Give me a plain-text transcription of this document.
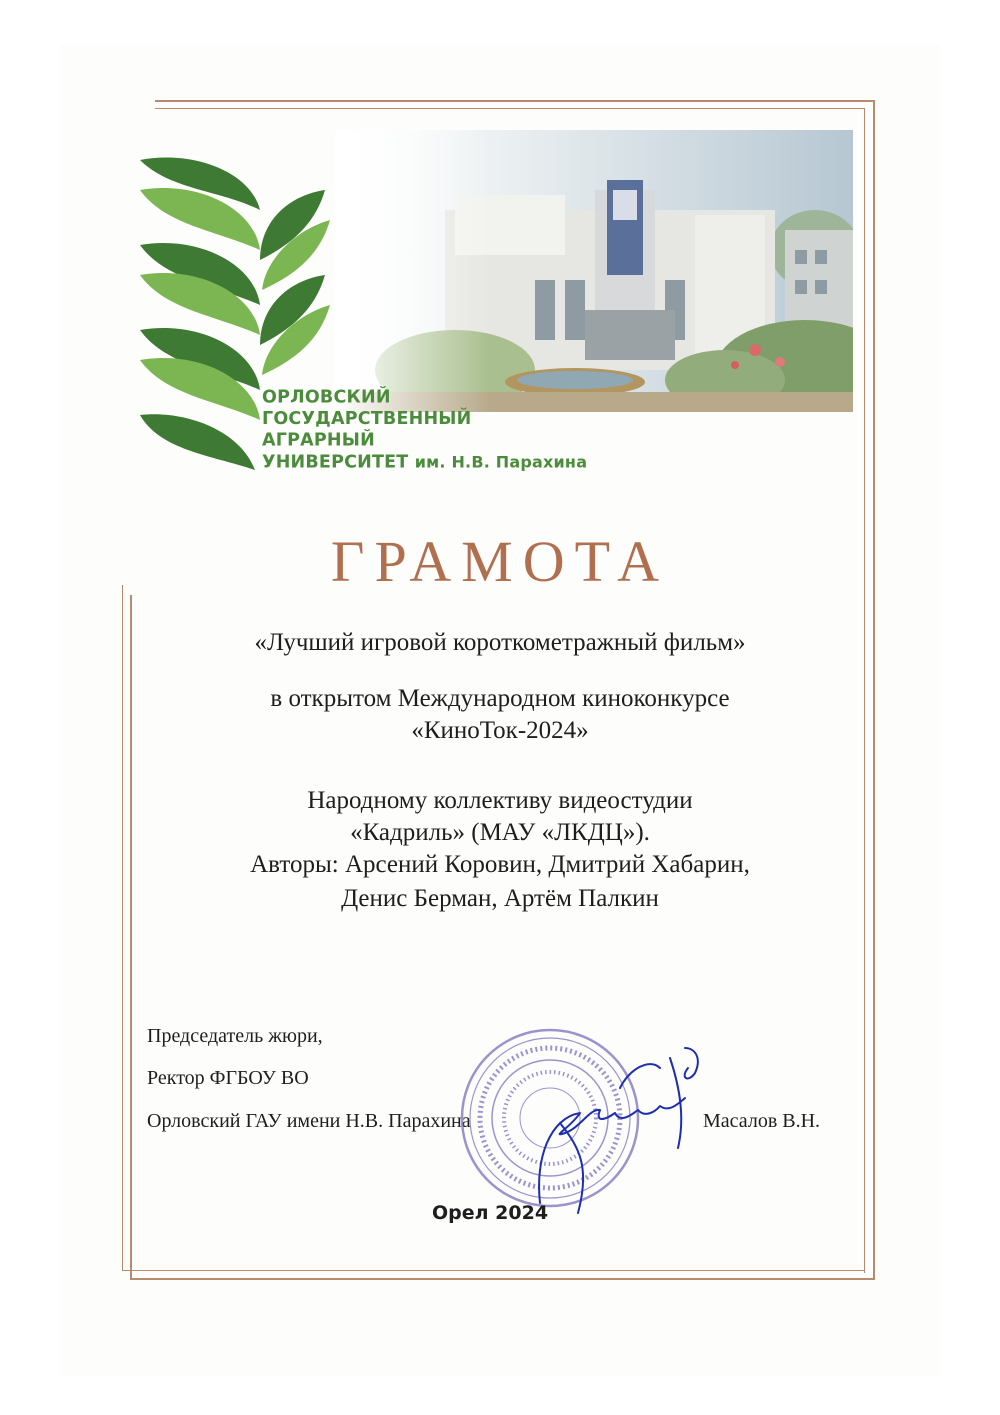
ОРЛОВСКИЙ
ГОСУДАРСТВЕННЫЙ
АГРАРНЫЙ
УНИВЕРСИТЕТ им. Н.В. Парахина
ГРАМОТА
«Лучший игровой короткометражный фильм»
в открытом Международном киноконкурсе
«КиноТок-2024»
Народному коллективу видеостудии
«Кадриль» (МАУ «ЛКДЦ»).
Авторы: Арсений Коровин, Дмитрий Хабарин,
Денис Берман, Артём Палкин
Председатель жюри,
Ректор ФГБОУ ВО
Орловский ГАУ имени Н.В. Парахина	Масалов В.Н.
Орел 2024
